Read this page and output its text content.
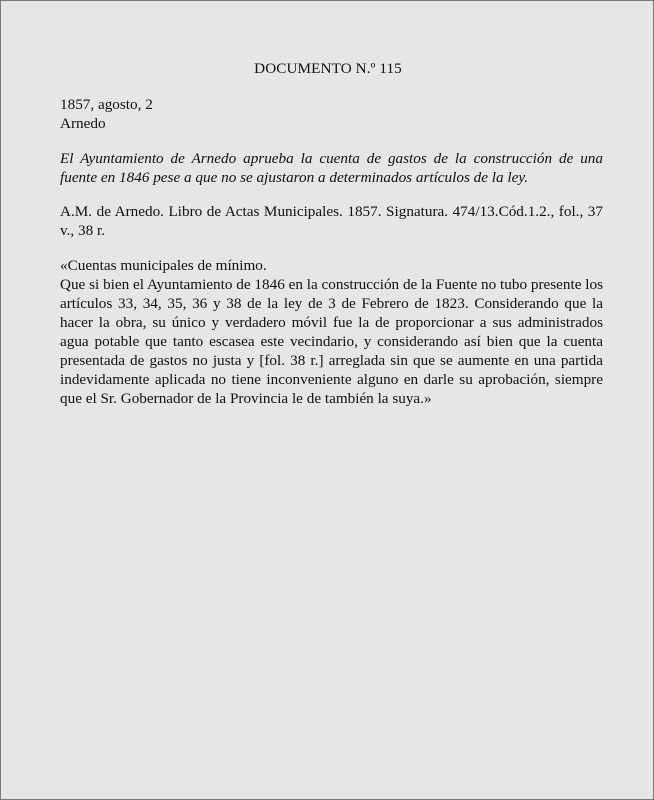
DOCUMENTO N.º 115
1857, agosto, 2
Arnedo
El Ayuntamiento de Arnedo aprueba la cuenta de gastos de la construcción de una fuente en 1846 pese a que no se ajustaron a determinados artículos de la ley.
A.M. de Arnedo. Libro de Actas Municipales. 1857. Signatura. 474/13.Cód.1.2., fol., 37 v., 38 r.
«Cuentas municipales de mínimo.
Que si bien el Ayuntamiento de 1846 en la construcción de la Fuente no tubo presente los artículos 33, 34, 35, 36 y 38 de la ley de 3 de Febrero de 1823. Considerando que la hacer la obra, su único y verdadero móvil fue la de proporcionar a sus administrados agua potable que tanto escasea este vecindario, y considerando así bien que la cuenta presentada de gastos no justa y [fol. 38 r.] arreglada sin que se aumente en una partida indevidamente aplicada no tiene inconveniente alguno en darle su aprobación, siempre que el Sr. Gobernador de la Provincia le de también la suya.»
